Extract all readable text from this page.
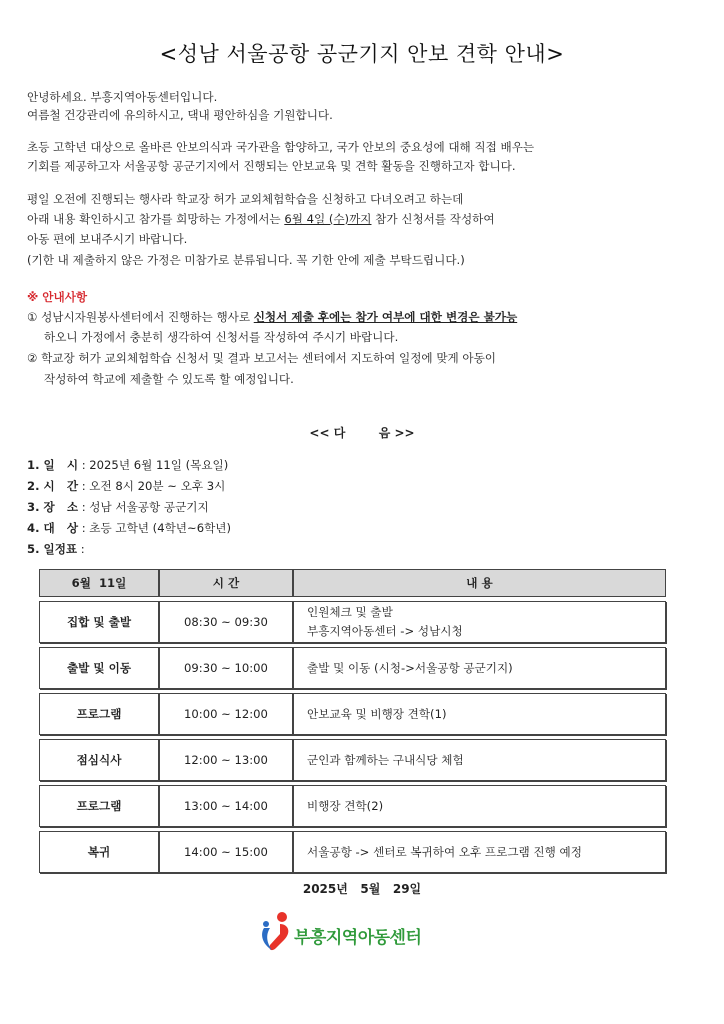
<성남 서울공항 공군기지 안보 견학 안내>
안녕하세요. 부흥지역아동센터입니다.
여름철 건강관리에 유의하시고, 댁내 평안하심을 기원합니다.
초등 고학년 대상으로 올바른 안보의식과 국가관을 함양하고, 국가 안보의 중요성에 대해 직접 배우는
기회를 제공하고자 서울공항 공군기지에서 진행되는 안보교육 및 견학 활동을 진행하고자 합니다.
평일 오전에 진행되는 행사라 학교장 허가 교외체험학습을 신청하고 다녀오려고 하는데
아래 내용 확인하시고 참가를 희망하는 가정에서는 6월 4일 (수)까지 참가 신청서를 작성하여
아동 편에 보내주시기 바랍니다.
(기한 내 제출하지 않은 가정은 미참가로 분류됩니다. 꼭 기한 안에 제출 부탁드립니다.)
※ 안내사항
① 성남시자원봉사센터에서 진행하는 행사로 신청서 제출 후에는 참가 여부에 대한 변경은 불가능
하오니 가정에서 충분히 생각하여 신청서를 작성하여 주시기 바랍니다.
② 학교장 허가 교외체험학습 신청서 및 결과 보고서는 센터에서 지도하여 일정에 맞게 아동이
작성하여 학교에 제출할 수 있도록 할 예정입니다.
<< 다        음 >>
1. 일   시 : 2025년 6월 11일 (목요일)
2. 시   간 : 오전 8시 20분 ~ 오후 3시
3. 장   소 : 성남 서울공항 공군기지
4. 대   상 : 초등 고학년 (4학년~6학년)
5. 일정표 :
6월  11일	시 간	내 용

집합 및 출발	08:30 ~ 09:30	인원체크 및 출발
부흥지역아동센터 -> 성남시청

출발 및 이동	09:30 ~ 10:00	출발 및 이동 (시청->서울공항 공군기지)

프로그램	10:00 ~ 12:00	안보교육 및 비행장 견학(1)

점심식사	12:00 ~ 13:00	군인과 함께하는 구내식당 체험

프로그램	13:00 ~ 14:00	비행장 견학(2)

복귀	14:00 ~ 15:00	서울공항 -> 센터로 복귀하여 오후 프로그램 진행 예정
2025년   5월   29일
부흥지역아동센터
